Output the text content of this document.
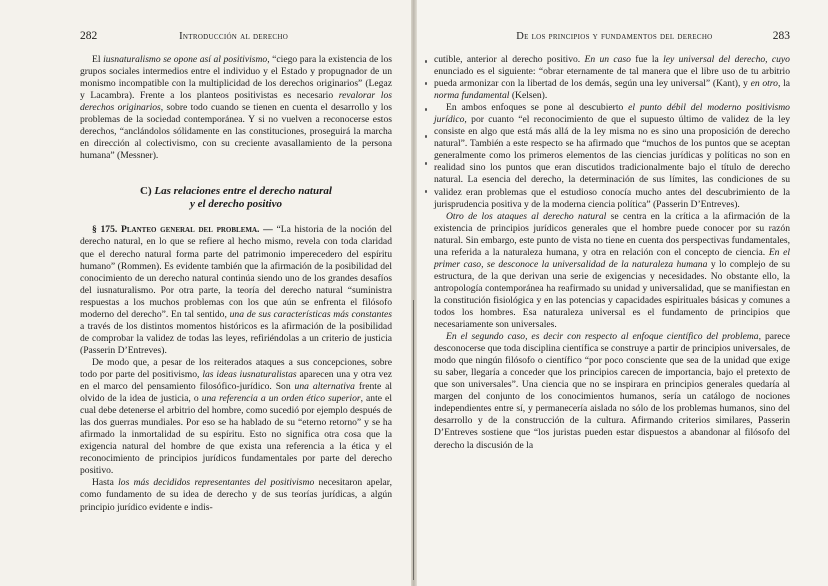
282	Introducción al derecho

El iusnaturalismo se opone así al positivismo, “ciego para la existencia de los grupos sociales intermedios entre el individuo y el Estado y propugnador de un monismo incompatible con la multiplicidad de los derechos originarios” (Legaz y Lacambra). Frente a los planteos positivistas es necesario revalorar los derechos originarios, sobre todo cuando se tienen en cuenta el desarrollo y los problemas de la sociedad contemporánea. Y si no vuelven a reconocerse estos derechos, “anclándolos sólidamente en las constituciones, proseguirá la marcha en dirección al colectivismo, con su creciente avasallamiento de la persona humana” (Messner).

C) Las relaciones entre el derecho natural
y el derecho positivo

§ 175. Planteo general del problema. — “La historia de la noción del derecho natural, en lo que se refiere al hecho mismo, revela con toda claridad que el derecho natural forma parte del patrimonio imperecedero del espíritu humano” (Rommen). Es evidente también que la afirmación de la posibilidad del conocimiento de un derecho natural continúa siendo uno de los grandes desafíos del iusnaturalismo. Por otra parte, la teoría del derecho natural “suministra respuestas a los muchos problemas con los que aún se enfrenta el filósofo moderno del derecho”. En tal sentido, una de sus características más constantes a través de los distintos momentos históricos es la afirmación de la posibilidad de comprobar la validez de todas las leyes, refiriéndolas a un criterio de justicia (Passerin D’Entreves).

De modo que, a pesar de los reiterados ataques a sus concepciones, sobre todo por parte del positivismo, las ideas iusnaturalistas aparecen una y otra vez en el marco del pensamiento filosófico-jurídico. Son una alternativa frente al olvido de la idea de justicia, o una referencia a un orden ético superior, ante el cual debe detenerse el arbitrio del hombre, como sucedió por ejemplo después de las dos guerras mundiales. Por eso se ha hablado de su “eterno retorno” y se ha afirmado la inmortalidad de su espíritu. Esto no significa otra cosa que la exigencia natural del hombre de que exista una referencia a la ética y el reconocimiento de principios jurídicos fundamentales por parte del derecho positivo.

Hasta los más decididos representantes del positivismo necesitaron apelar, como fundamento de su idea de derecho y de sus teorías jurídicas, a algún principio jurídico evidente e indis-

De los principios y fundamentos del derecho	283

cutible, anterior al derecho positivo. En un caso fue la ley universal del derecho, cuyo enunciado es el siguiente: “obrar eternamente de tal manera que el libre uso de tu arbitrio pueda armonizar con la libertad de los demás, según una ley universal” (Kant), y en otro, la norma fundamental (Kelsen).

En ambos enfoques se pone al descubierto el punto débil del moderno positivismo jurídico, por cuanto “el reconocimiento de que el supuesto último de validez de la ley consiste en algo que está más allá de la ley misma no es sino una proposición de derecho natural”. También a este respecto se ha afirmado que “muchos de los puntos que se aceptan generalmente como los primeros elementos de las ciencias jurídicas y políticas no son en realidad sino los puntos que eran discutidos tradicionalmente bajo el título de derecho natural. La esencia del derecho, la determinación de sus límites, las condiciones de su validez eran problemas que el estudioso conocía mucho antes del descubrimiento de la jurisprudencia positiva y de la moderna ciencia política” (Passerin D’Entreves).

Otro de los ataques al derecho natural se centra en la crítica a la afirmación de la existencia de principios jurídicos generales que el hombre puede conocer por su razón natural. Sin embargo, este punto de vista no tiene en cuenta dos perspectivas fundamentales, una referida a la naturaleza humana, y otra en relación con el concepto de ciencia. En el primer caso, se desconoce la universalidad de la naturaleza humana y lo complejo de su estructura, de la que derivan una serie de exigencias y necesidades. No obstante ello, la antropología contemporánea ha reafirmado su unidad y universalidad, que se manifiestan en la constitución fisiológica y en las potencias y capacidades espirituales básicas y comunes a todos los hombres. Esa naturaleza universal es el fundamento de principios que necesariamente son universales.

En el segundo caso, es decir con respecto al enfoque científico del problema, parece desconocerse que toda disciplina científica se construye a partir de principios universales, de modo que ningún filósofo o científico “por poco consciente que sea de la unidad que exige su saber, llegaría a conceder que los principios carecen de importancia, bajo el pretexto de que son universales”. Una ciencia que no se inspirara en principios generales quedaría al margen del conjunto de los conocimientos humanos, sería un catálogo de nociones independientes entre sí, y permanecería aislada no sólo de los problemas humanos, sino del desarrollo y de la construcción de la cultura. Afirmando criterios similares, Passerin D’Entreves sostiene que “los juristas pueden estar dispuestos a abandonar al filósofo del derecho la discusión de la
